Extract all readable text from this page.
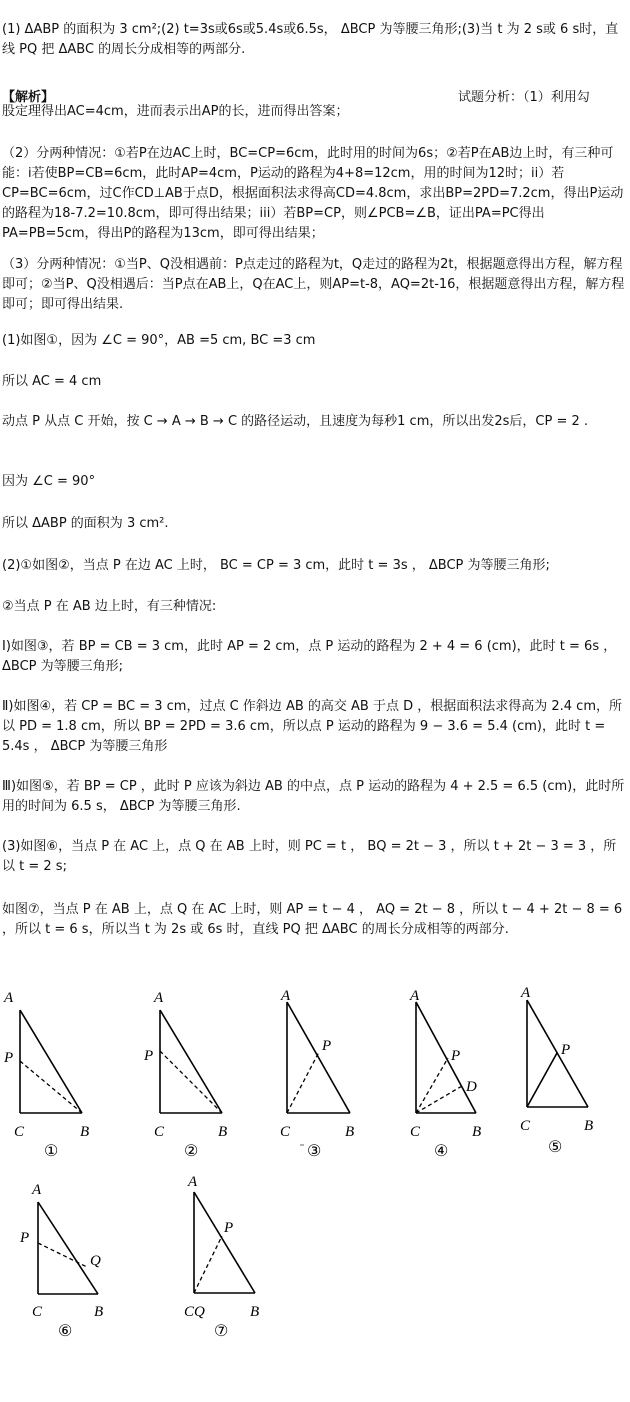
(1) ΔABP 的面积为 3 cm²;(2) t=3s或6s或5.4s或6.5s， ΔBCP 为等腰三角形;(3)当 t 为 2 s或 6 s时，直线 PQ 把 ΔABC 的周长分成相等的两部分.

【解析】	试题分析：（1）利用勾

股定理得出AC=4cm，进而表示出AP的长，进而得出答案；

（2）分两种情况：①若P在边AC上时，BC=CP=6cm，此时用的时间为6s；②若P在AB边上时，有三种可能：i若使BP=CB=6cm，此时AP=4cm，P运动的路程为4+8=12cm，用的时间为12时；ii）若CP=BC=6cm，过C作CD⊥AB于点D，根据面积法求得高CD=4.8cm，求出BP=2PD=7.2cm，得出P运动的路程为18-7.2=10.8cm，即可得出结果；iii）若BP=CP，则∠PCB=∠B，证出PA=PC得出PA=PB=5cm，得出P的路程为13cm，即可得出结果；

（3）分两种情况：①当P、Q没相遇前：P点走过的路程为t，Q走过的路程为2t，根据题意得出方程，解方程即可；②当P、Q没相遇后：当P点在AB上，Q在AC上，则AP=t-8，AQ=2t-16，根据题意得出方程，解方程即可；即可得出结果.

(1)如图①，因为 ∠C = 90°，AB =5 cm, BC =3 cm

所以 AC = 4 cm

动点 P 从点 C 开始，按 C → A → B → C 的路径运动，且速度为每秒1 cm，所以出发2s后，CP = 2 .

因为 ∠C = 90°

所以 ΔABP 的面积为 3 cm².

(2)①如图②，当点 P 在边 AC 上时， BC = CP = 3 cm，此时 t = 3s ， ΔBCP 为等腰三角形;

②当点 P 在 AB 边上时，有三种情况:

Ⅰ)如图③，若 BP = CB = 3 cm，此时 AP = 2 cm，点 P 运动的路程为 2 + 4 = 6 (cm)，此时 t = 6s ， ΔBCP 为等腰三角形;

Ⅱ)如图④，若 CP = BC = 3 cm，过点 C 作斜边 AB 的高交 AB 于点 D ，根据面积法求得高为 2.4 cm，所以 PD = 1.8 cm，所以 BP = 2PD = 3.6 cm，所以点 P 运动的路程为 9 − 3.6 = 5.4 (cm)，此时 t = 5.4s ， ΔBCP 为等腰三角形

Ⅲ)如图⑤，若 BP = CP ，此时 P 应该为斜边 AB 的中点，点 P 运动的路程为 4 + 2.5 = 6.5 (cm)，此时所用的时间为 6.5 s， ΔBCP 为等腰三角形.

(3)如图⑥，当点 P 在 AC 上，点 Q 在 AB 上时，则 PC = t ， BQ = 2t − 3 ，所以 t + 2t − 3 = 3 ，所以 t = 2 s;

如图⑦，当点 P 在 AB 上，点 Q 在 AC 上时，则 AP = t − 4 ， AQ = 2t − 8 ，所以 t − 4 + 2t − 8 = 6 ，所以 t = 6 s，所以当 t 为 2s 或 6s 时，直线 PQ 把 ΔABC 的周长分成相等的两部分.

A
P
C	B
①
A
P
C	B
②
A
P
C	B
③
A
P
D
C	B
④
A
P
C	B
⑤
A
P
Q
C	B
⑥
A
P
CQ	B
⑦
